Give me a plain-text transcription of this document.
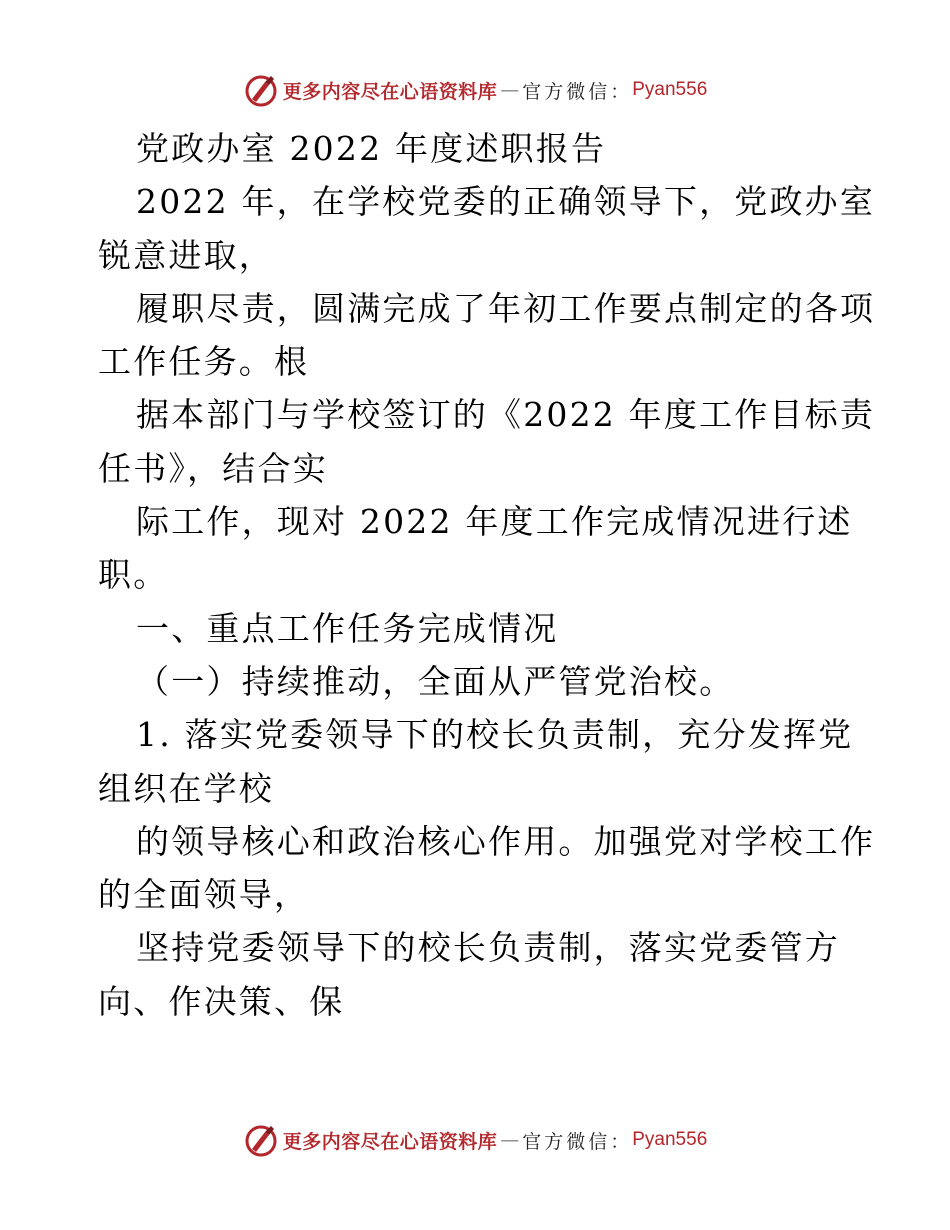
更多内容尽在心语资料库 — 官方微信： Pyan556
党政办室 2022 年度述职报告
2022 年，在学校党委的正确领导下，党政办室
锐意进取，
履职尽责，圆满完成了年初工作要点制定的各项
工作任务。根
据本部门与学校签订的《2022 年度工作目标责
任书》，结合实
际工作，现对 2022 年度工作完成情况进行述
职。
一、重点工作任务完成情况
（一）持续推动，全面从严管党治校。
1. 落实党委领导下的校长负责制，充分发挥党
组织在学校
的领导核心和政治核心作用。加强党对学校工作
的全面领导，
坚持党委领导下的校长负责制，落实党委管方
向、作决策、保
更多内容尽在心语资料库 — 官方微信： Pyan556
